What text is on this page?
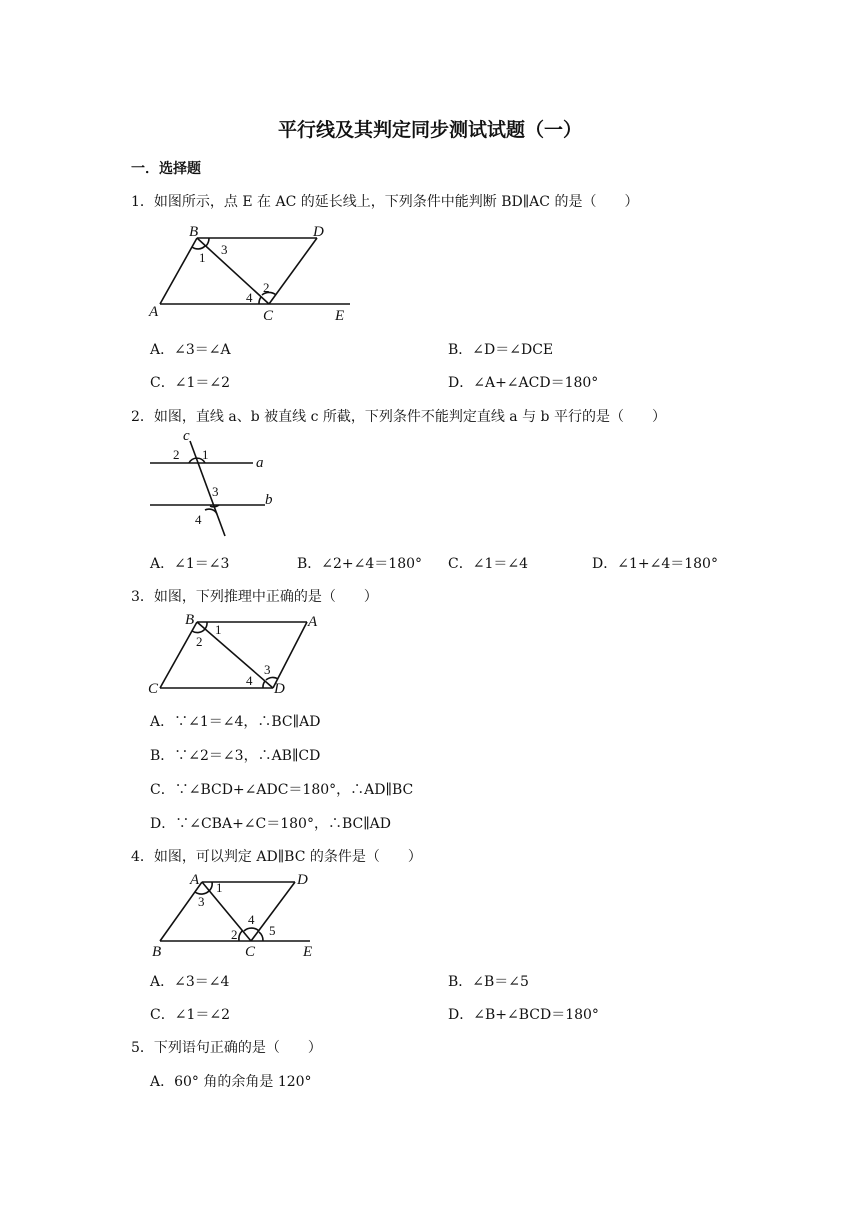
平行线及其判定同步测试试题（一）
一．选择题
1．如图所示，点 E 在 AC 的延长线上，下列条件中能判断 BD∥AC 的是（　　）
B	D
A	C	E
1
2
3
4
A．∠3＝∠A	B．∠D＝∠DCE
C．∠1＝∠2	D．∠A+∠ACD＝180°
2．如图，直线 a、b 被直线 c 所截，下列条件不能判定直线 a 与 b 平行的是（　　）
c
a
b
1
2
3
4
A．∠1＝∠3	B．∠2+∠4＝180° C．∠1＝∠4	D．∠1+∠4＝180°
3．如图，下列推理中正确的是（　　）
B	A
C	D
1
2
3
4
A．∵∠1＝∠4，∴BC∥AD
B．∵∠2＝∠3，∴AB∥CD
C．∵∠BCD+∠ADC＝180°，∴AD∥BC
D．∵∠CBA+∠C＝180°，∴BC∥AD
4．如图，可以判定 AD∥BC 的条件是（　　）
A	D
B	C	E
1
2
3
4
5
A．∠3＝∠4	B．∠B＝∠5
C．∠1＝∠2	D．∠B+∠BCD＝180°
5．下列语句正确的是（　　）
A．60° 角的余角是 120°
